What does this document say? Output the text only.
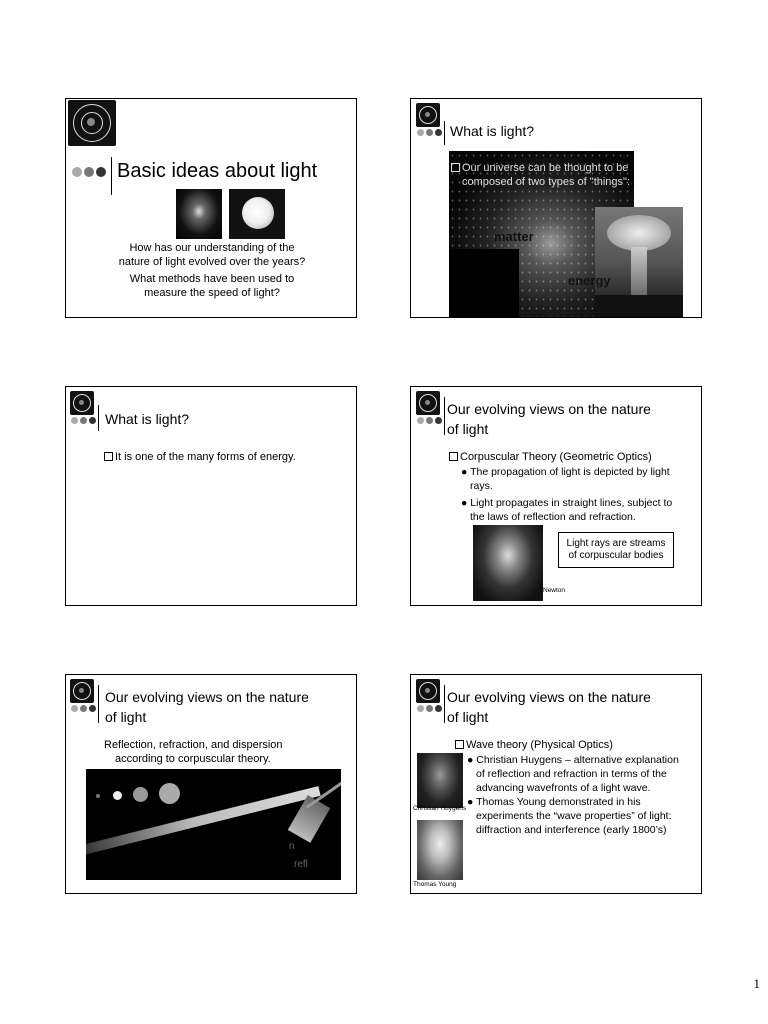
Basic ideas about light
How has our understanding of the
nature of light evolved over the years?
What methods have been used to
measure the speed of light?
What is light?
Our universe can be thought to be
composed of two types of "things":
matter
energy
What is light?
It is one of the many forms of energy.
Our evolving views on the nature
of light
Corpuscular Theory (Geometric Optics)
● The propagation of light is depicted by light
rays.
● Light propagates in straight lines, subject to
the laws of reflection and refraction.
Newton
Light rays are streams
of corpuscular bodies
Our evolving views on the nature
of light
Reflection, refraction, and dispersion
according to corpuscular theory.
n
refl
Our evolving views on the nature
of light
Wave theory (Physical Optics)
Christian Huygens
Thomas Young
● Christian Huygens – alternative explanation
of reflection and refraction in terms of the
advancing wavefronts of a light wave.
● Thomas Young demonstrated in his
experiments the “wave properties” of light:
diffraction and interference (early 1800’s)
1
